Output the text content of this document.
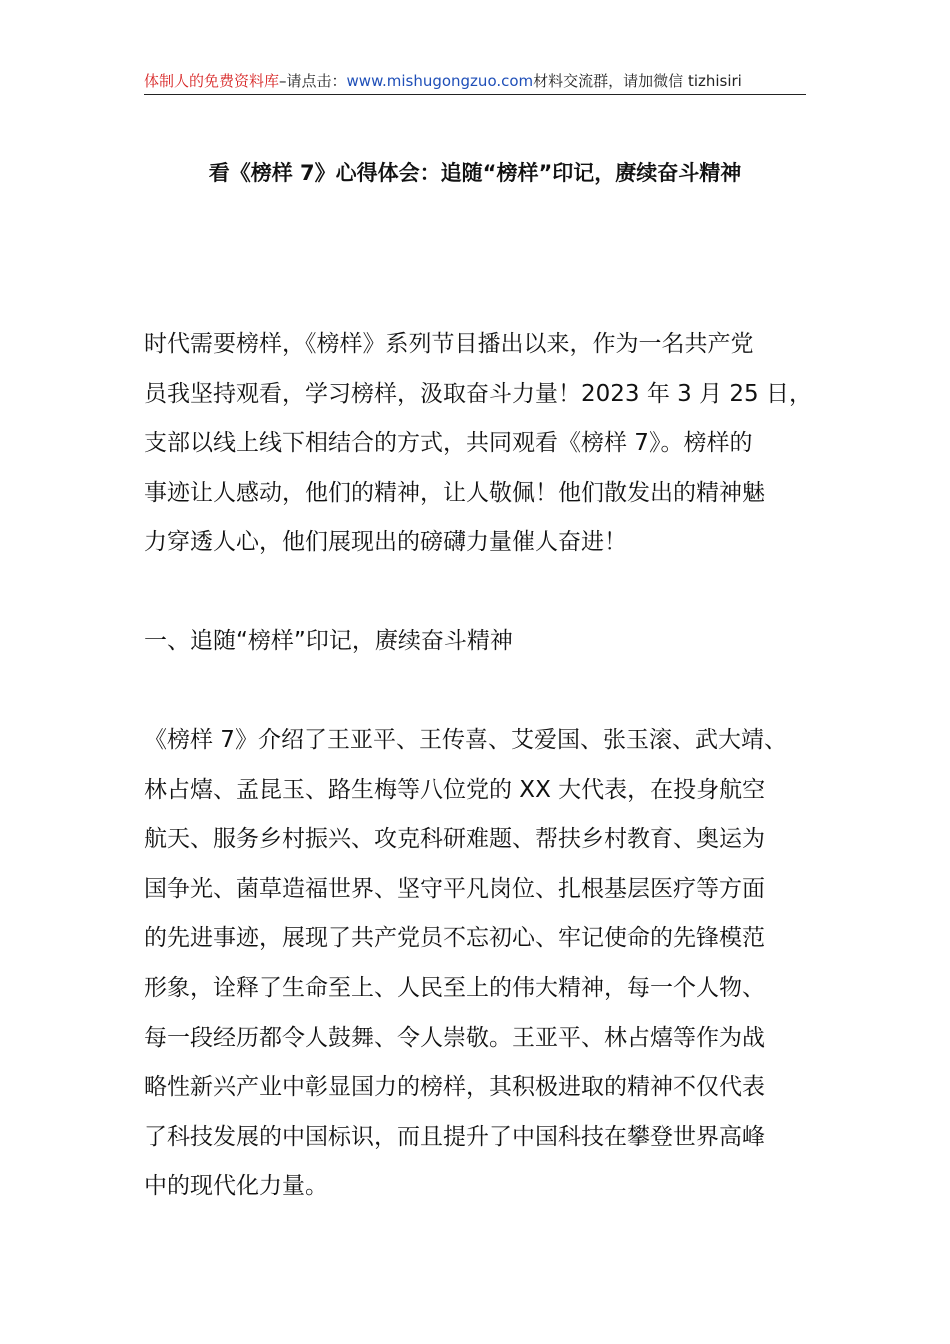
体制人的免费资料库–请点击：www.mishugongzuo.com材料交流群，请加微信 tizhisiri
看《榜样 7》心得体会：追随“榜样”印记，赓续奋斗精神
时代需要榜样，《榜样》系列节目播出以来，作为一名共产党
员我坚持观看，学习榜样，汲取奋斗力量！2023 年 3 月 25 日，
支部以线上线下相结合的方式，共同观看《榜样 7》。榜样的
事迹让人感动，他们的精神，让人敬佩！他们散发出的精神魅
力穿透人心，他们展现出的磅礴力量催人奋进！
一、追随“榜样”印记，赓续奋斗精神
《榜样 7》介绍了王亚平、王传喜、艾爱国、张玉滚、武大靖、
林占熺、孟昆玉、路生梅等八位党的 XX 大代表，在投身航空
航天、服务乡村振兴、攻克科研难题、帮扶乡村教育、奥运为
国争光、菌草造福世界、坚守平凡岗位、扎根基层医疗等方面
的先进事迹，展现了共产党员不忘初心、牢记使命的先锋模范
形象，诠释了生命至上、人民至上的伟大精神，每一个人物、
每一段经历都令人鼓舞、令人崇敬。王亚平、林占熺等作为战
略性新兴产业中彰显国力的榜样，其积极进取的精神不仅代表
了科技发展的中国标识，而且提升了中国科技在攀登世界高峰
中的现代化力量。
